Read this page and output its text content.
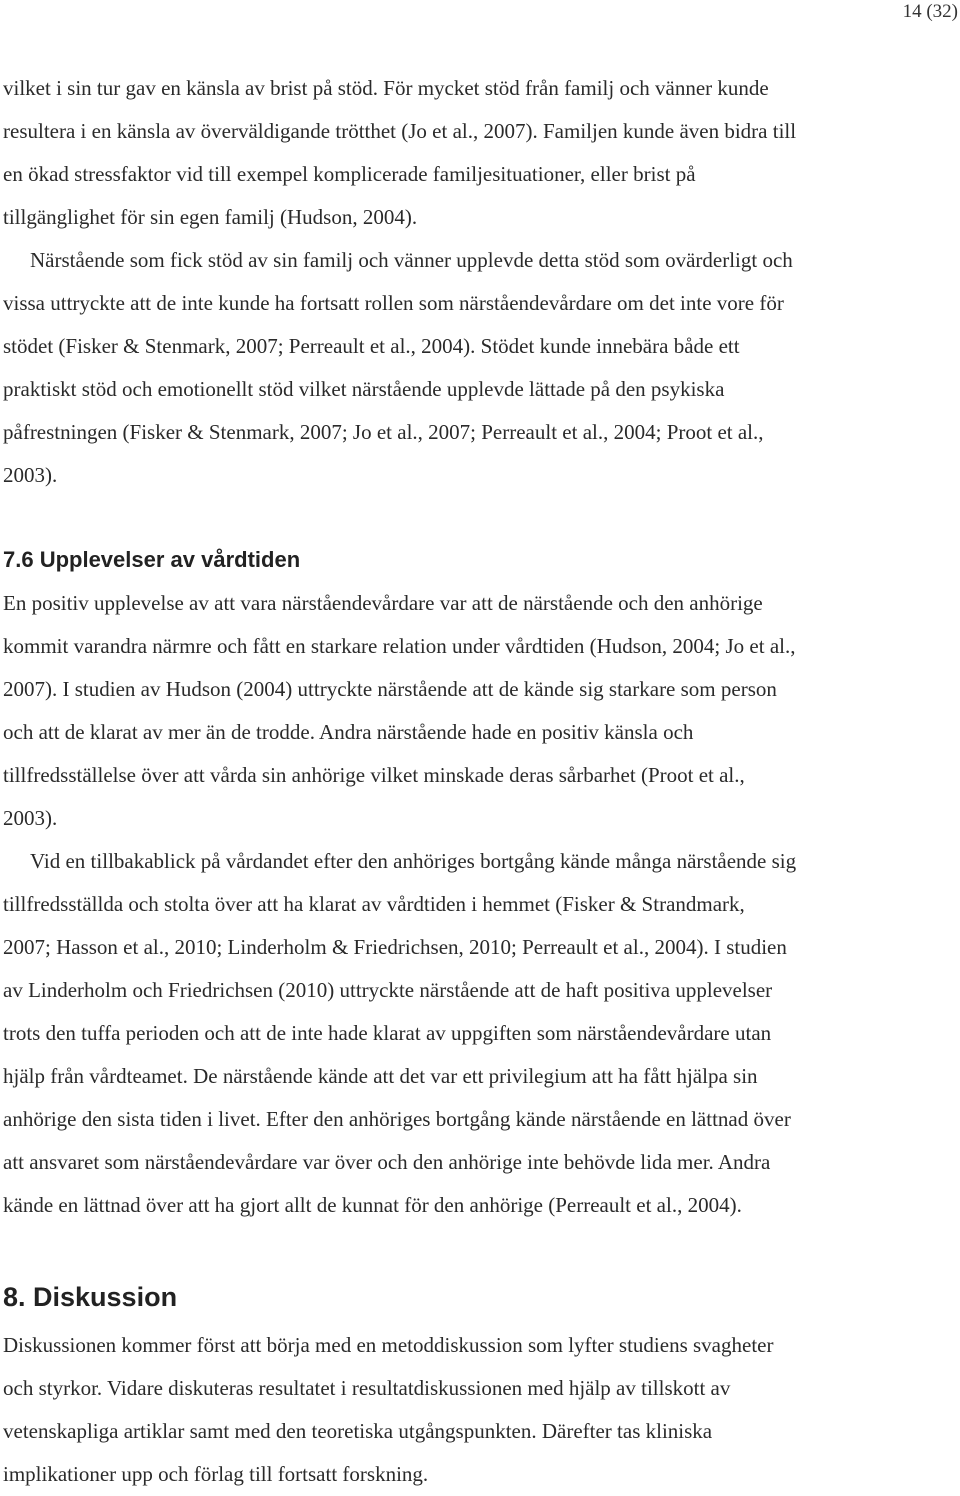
14 (32)
vilket i sin tur gav en känsla av brist på stöd. För mycket stöd från familj och vänner kunde
resultera i en känsla av överväldigande trötthet (Jo et al., 2007). Familjen kunde även bidra till
en ökad stressfaktor vid till exempel komplicerade familjesituationer, eller brist på
tillgänglighet för sin egen familj (Hudson, 2004).
Närstående som fick stöd av sin familj och vänner upplevde detta stöd som ovärderligt och
vissa uttryckte att de inte kunde ha fortsatt rollen som närståendevårdare om det inte vore för
stödet (Fisker & Stenmark, 2007; Perreault et al., 2004). Stödet kunde innebära både ett
praktiskt stöd och emotionellt stöd vilket närstående upplevde lättade på den psykiska
påfrestningen (Fisker & Stenmark, 2007; Jo et al., 2007; Perreault et al., 2004; Proot et al.,
2003).
7.6 Upplevelser av vårdtiden
En positiv upplevelse av att vara närståendevårdare var att de närstående och den anhörige
kommit varandra närmre och fått en starkare relation under vårdtiden (Hudson, 2004; Jo et al.,
2007). I studien av Hudson (2004) uttryckte närstående att de kände sig starkare som person
och att de klarat av mer än de trodde. Andra närstående hade en positiv känsla och
tillfredsställelse över att vårda sin anhörige vilket minskade deras sårbarhet (Proot et al.,
2003).
Vid en tillbakablick på vårdandet efter den anhöriges bortgång kände många närstående sig
tillfredsställda och stolta över att ha klarat av vårdtiden i hemmet (Fisker & Strandmark,
2007; Hasson et al., 2010; Linderholm & Friedrichsen, 2010; Perreault et al., 2004). I studien
av Linderholm och Friedrichsen (2010) uttryckte närstående att de haft positiva upplevelser
trots den tuffa perioden och att de inte hade klarat av uppgiften som närståendevårdare utan
hjälp från vårdteamet. De närstående kände att det var ett privilegium att ha fått hjälpa sin
anhörige den sista tiden i livet. Efter den anhöriges bortgång kände närstående en lättnad över
att ansvaret som närståendevårdare var över och den anhörige inte behövde lida mer. Andra
kände en lättnad över att ha gjort allt de kunnat för den anhörige (Perreault et al., 2004).
8. Diskussion
Diskussionen kommer först att börja med en metoddiskussion som lyfter studiens svagheter
och styrkor. Vidare diskuteras resultatet i resultatdiskussionen med hjälp av tillskott av
vetenskapliga artiklar samt med den teoretiska utgångspunkten. Därefter tas kliniska
implikationer upp och förlag till fortsatt forskning.
